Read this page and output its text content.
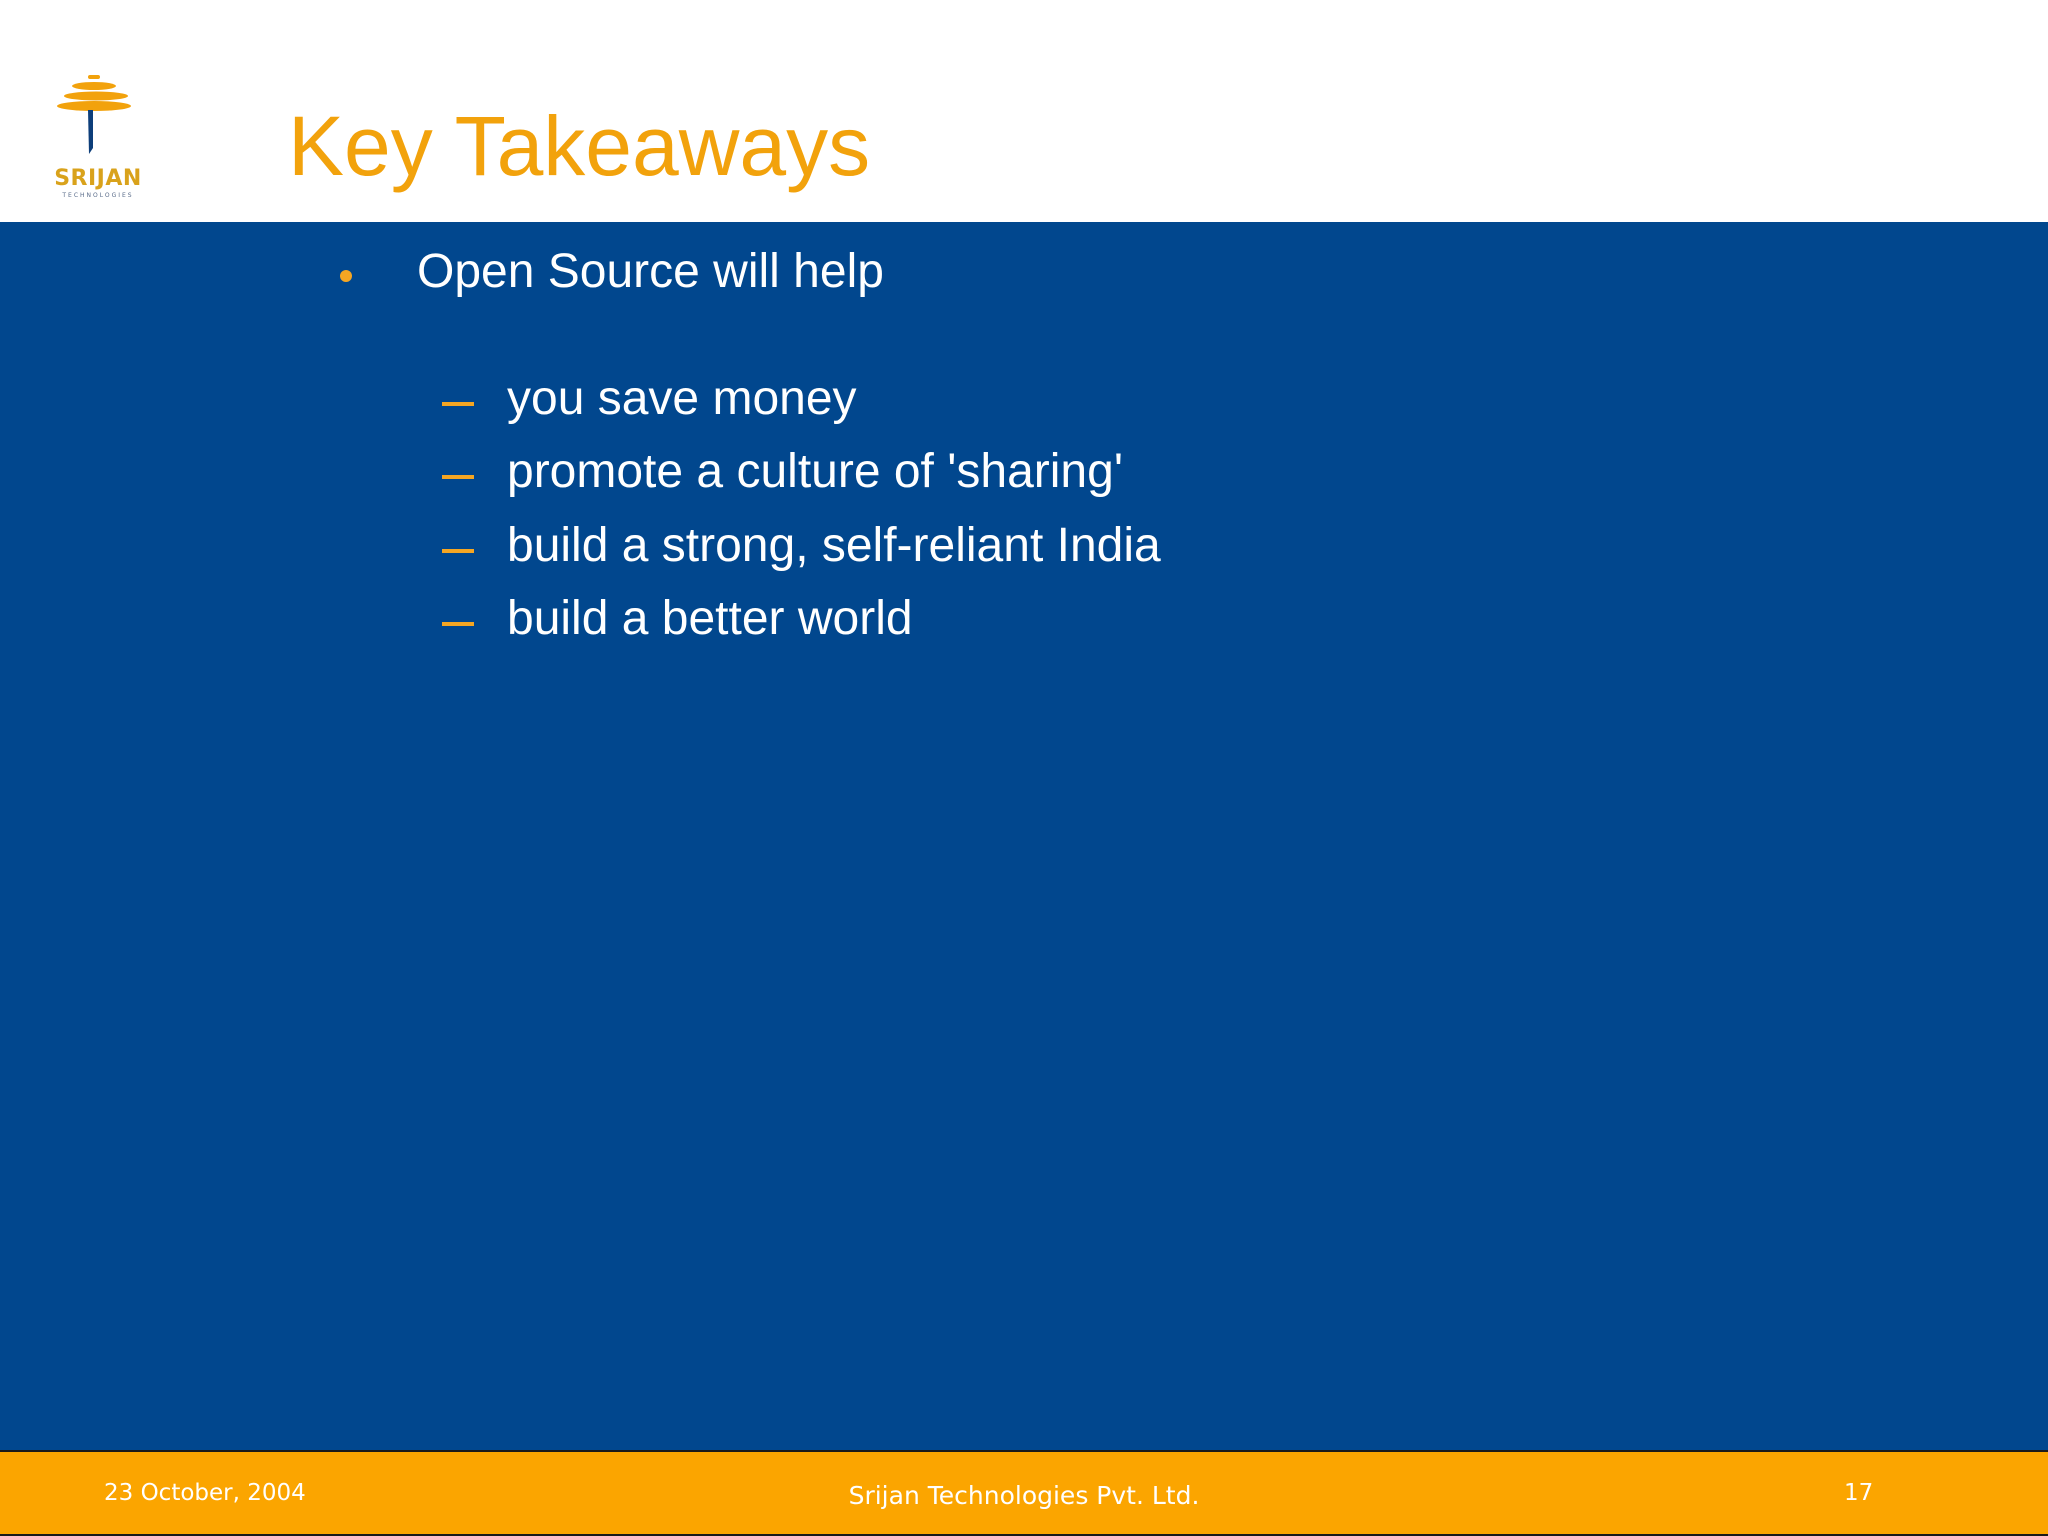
SRIJAN
TECHNOLOGIES
Key Takeaways
Open Source will help
you save money
promote a culture of 'sharing'
build a strong, self-reliant India
build a better world
23 October, 2004	Srijan Technologies Pvt. Ltd.	17
